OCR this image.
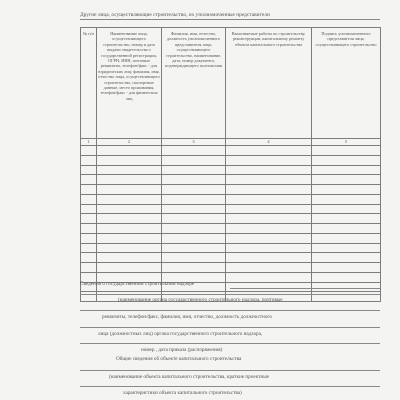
Другие лица, осуществляющие строительство, их уполномоченные представители
№ п/п	Наименование лица, осуществляющего строительство, номер и дата выдачи свидетельства о государственной регистрации, ОГРН, ИНН, почтовые реквизиты, телефон/факс - для юридических лиц; фамилия, имя, отчество лица, осуществляющего строительство, паспортные данные, место проживания, телефон/факс - для физических лиц	Фамилия, имя, отчество, должность уполномоченного представителя лица, осуществляющего строительство, наименование, дата, номер документа, подтверждающего полномочия	Выполняемые работы по строительству, реконструкции, капитальному ремонту объекта капитального строительства	Подпись уполномоченного представителя лица, осуществляющего строительство

1	2	3	4	5

Сведения о государственном строительном надзоре
(наименование органа государственного строительного надзора, почтовые
реквизиты, телефон/факс, фамилия, имя, отчество, должность должностного
лица (должностных лиц) органа государственного строительного надзора,
номер , дата приказа (распоряжения)
Общие сведения об объекте капитального строительства
(наименование объекта капитального строительства, краткие проектные
характеристики объекта капитального строительства)
